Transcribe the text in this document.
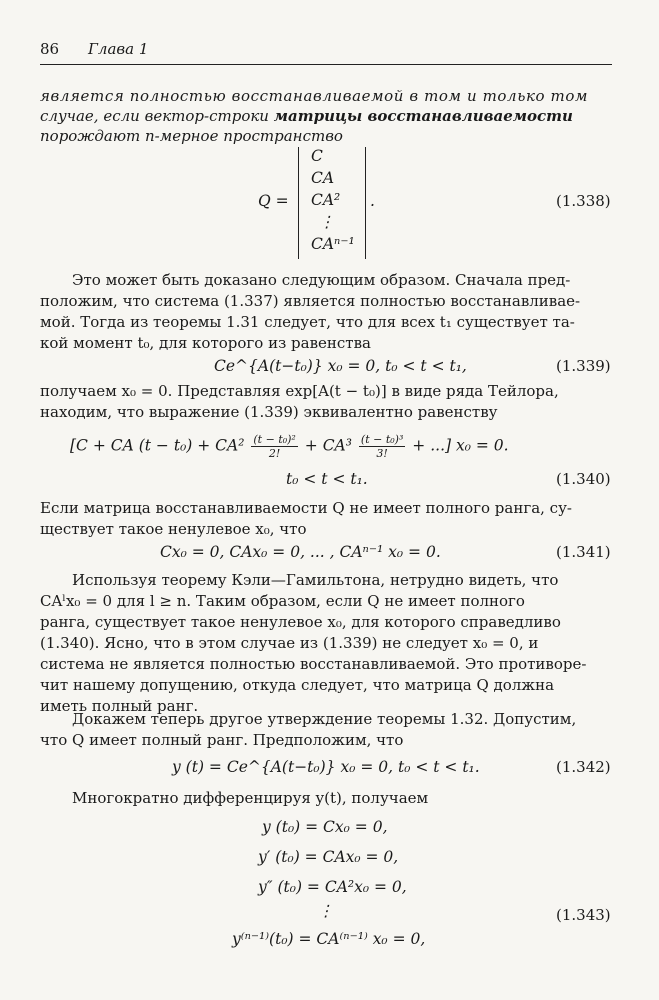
86 Глава 1
является полностью восстанавливаемой в том и только том
случае, если вектор-строки матрицы восстанавливаемости
порождают n-мерное пространство
Q =
C
CA
CA²
⋮
CAⁿ⁻¹
.	(1.338)
Это может быть доказано следующим образом. Сначала пред-
положим, что система (1.337) является полностью восстанавливае-
мой. Тогда из теоремы 1.31 следует, что для всех t₁ существует та-
кой момент t₀, для которого из равенства
Ce^{A(t−t₀)} x₀ = 0, t₀ < t < t₁,	(1.339)
получаем x₀ = 0. Представляя exp[A(t − t₀)] в виде ряда Тейлора,
находим, что выражение (1.339) эквивалентно равенству
[C + CA $(t - t_0) + CA^2 \frac{\text{(t − t₀)²}}{2!} + CA^3 \frac{\text{(t − t₀)³}}{3!}$ + ...] x₀ = 0.
t₀ < t < t₁.	(1.340)
Если матрица восстанавливаемости Q не имеет полного ранга, су-
ществует такое ненулевое x₀, что
Cx₀ = 0, CAx₀ = 0, ... , CAⁿ⁻¹ x₀ = 0.	(1.341)
Используя теорему Кэли—Гамильтона, нетрудно видеть, что
CAˡx₀ = 0 для l ≥ n. Таким образом, если Q не имеет полного
ранга, существует такое ненулевое x₀, для которого справедливо
(1.340). Ясно, что в этом случае из (1.339) не следует x₀ = 0, и
система не является полностью восстанавливаемой. Это противоре-
чит нашему допущению, откуда следует, что матрица Q должна
иметь полный ранг.
Докажем теперь другое утверждение теоремы 1.32. Допустим,
что Q имеет полный ранг. Предположим, что
y (t) = Ce^{A(t−t₀)} x₀ = 0, t₀ < t < t₁.	(1.342)
Многократно дифференцируя y(t), получаем
y (t₀) = Cx₀ = 0,
y′ (t₀) = CAx₀ = 0,
y″ (t₀) = CA²x₀ = 0,
⋮	(1.343)
y⁽ⁿ⁻¹⁾(t₀) = CA⁽ⁿ⁻¹⁾ x₀ = 0,
